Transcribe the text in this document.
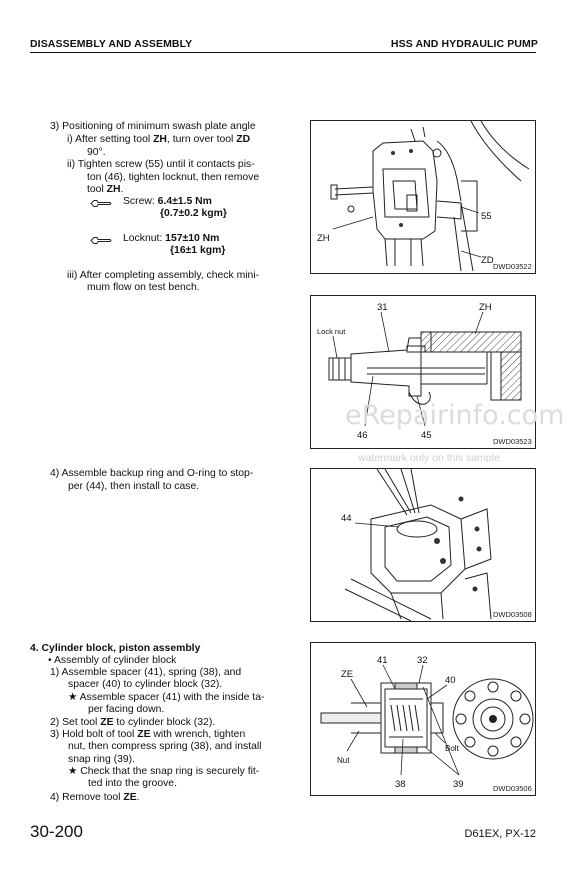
DISASSEMBLY AND ASSEMBLY	HSS AND HYDRAULIC PUMP
3) Positioning of minimum swash plate angle
i) After setting tool ZH, turn over tool ZD
90°.
ii) Tighten screw (55) until it contacts pis-
ton (46), tighten locknut, then remove
tool ZH.
Screw: 6.4±1.5 Nm
{0.7±0.2 kgm}
Locknut: 157±10 Nm
{16±1 kgm}
iii) After completing assembly, check mini-
mum flow on test bench.
4) Assemble backup ring and O-ring to stop-
per (44), then install to case.
4. Cylinder block, piston assembly
• Assembly of cylinder block
1) Assemble spacer (41), spring (38), and
spacer (40) to cylinder block (32).
★ Assemble spacer (41) with the inside ta-
per facing down.
2) Set tool ZE to cylinder block (32).
3) Hold bolt of tool ZE with wrench, tighten
nut, then compress spring (38), and install
snap ring (39).
★ Check that the snap ring is securely fit-
ted into the groove.
4) Remove tool ZE.
55
ZH
ZD
DWD03522
31	ZH
Lock nut
46	45
DWD03523
eRepairinfo.com
watermark only on this sample
44
DWD03508
41	32
ZE
40
Bolt
Nut
38	39	DWD03506
30-200	D61EX, PX-12
